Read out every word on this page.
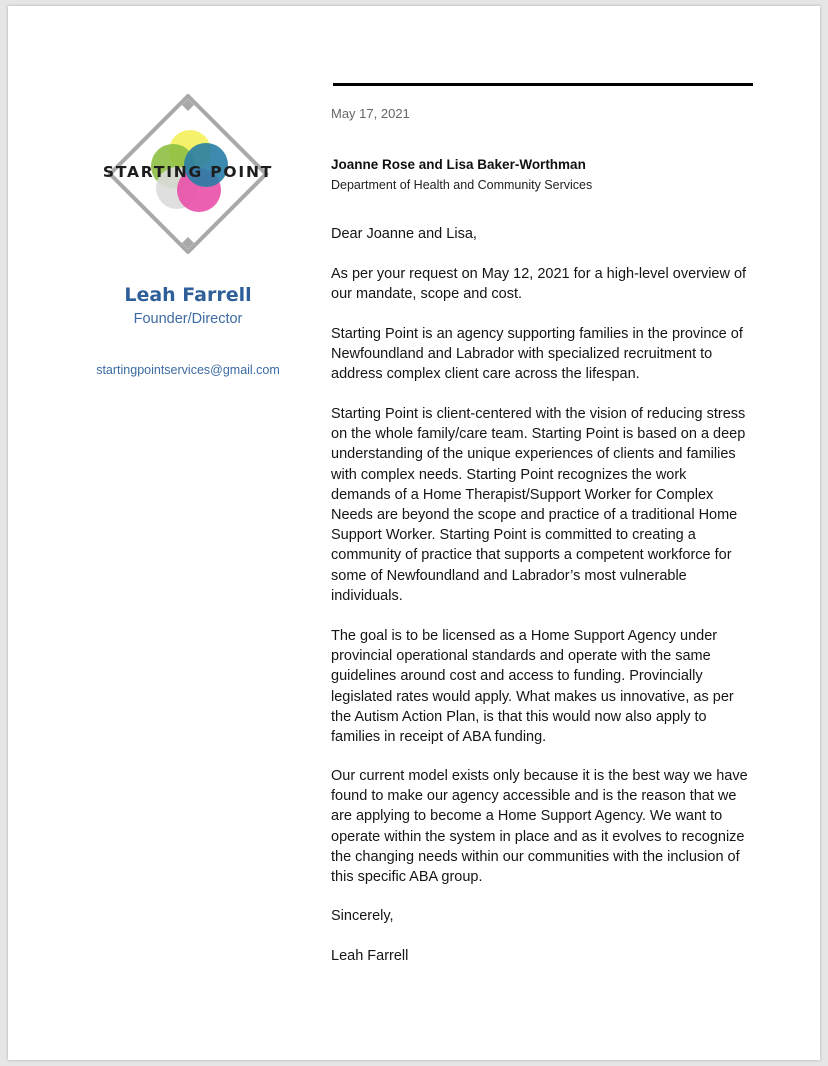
STARTING POINT
Leah Farrell
Founder/Director
startingpointservices@gmail.com
May 17, 2021
Joanne Rose and Lisa Baker-Worthman
Department of Health and Community Services
Dear Joanne and Lisa,
As per your request on May 12, 2021 for a high-level overview of
our mandate, scope and cost.
Starting Point is an agency supporting families in the province of
Newfoundland and Labrador with specialized recruitment to
address complex client care across the lifespan.
Starting Point is client-centered with the vision of reducing stress
on the whole family/care team. Starting Point is based on a deep
understanding of the unique experiences of clients and families
with complex needs. Starting Point recognizes the work
demands of a Home Therapist/Support Worker for Complex
Needs are beyond the scope and practice of a traditional Home
Support Worker. Starting Point is committed to creating a
community of practice that supports a competent workforce for
some of Newfoundland and Labrador’s most vulnerable
individuals.
The goal is to be licensed as a Home Support Agency under
provincial operational standards and operate with the same
guidelines around cost and access to funding. Provincially
legislated rates would apply. What makes us innovative, as per
the Autism Action Plan, is that this would now also apply to
families in receipt of ABA funding.
Our current model exists only because it is the best way we have
found to make our agency accessible and is the reason that we
are applying to become a Home Support Agency. We want to
operate within the system in place and as it evolves to recognize
the changing needs within our communities with the inclusion of
this specific ABA group.
Sincerely,
Leah Farrell
